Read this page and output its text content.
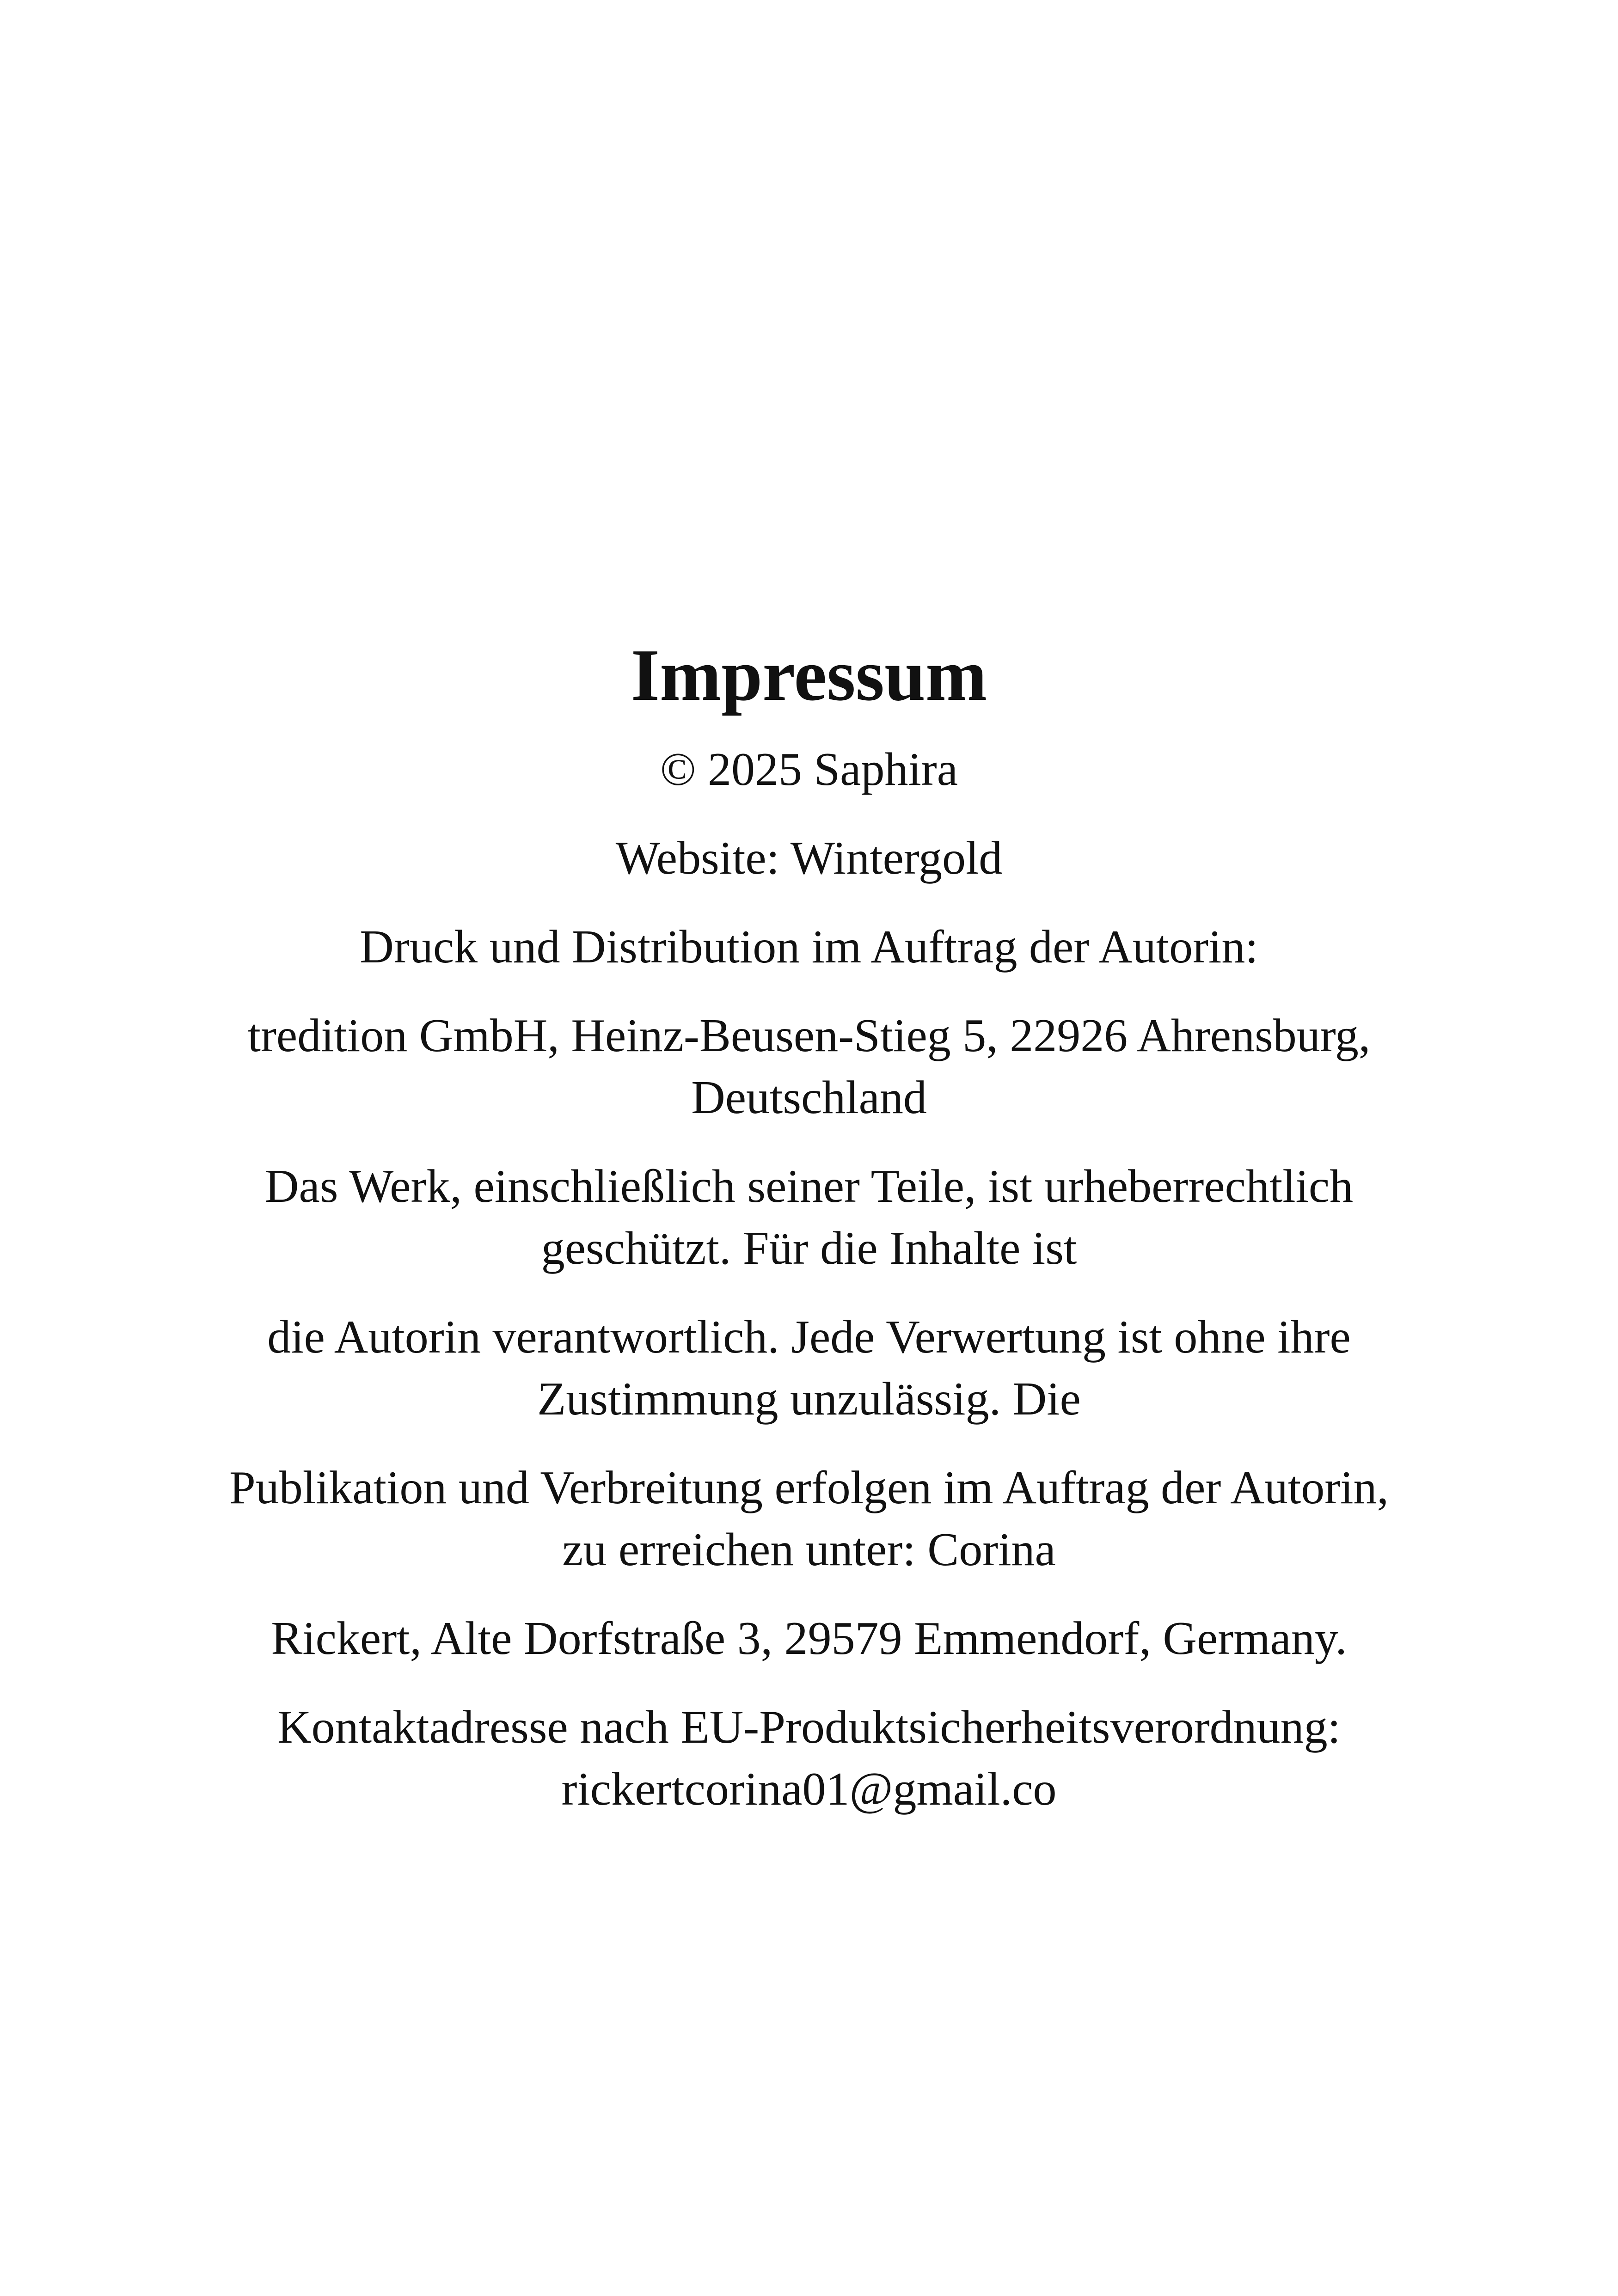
Impressum

© 2025 Saphira

Website: Wintergold

Druck und Distribution im Auftrag der Autorin:

tredition GmbH, Heinz-Beusen-Stieg 5, 22926 Ahrensburg,
Deutschland

Das Werk, einschließlich seiner Teile, ist urheberrechtlich
geschützt. Für die Inhalte ist

die Autorin verantwortlich. Jede Verwertung ist ohne ihre
Zustimmung unzulässig. Die

Publikation und Verbreitung erfolgen im Auftrag der Autorin,
zu erreichen unter: Corina

Rickert, Alte Dorfstraße 3, 29579 Emmendorf, Germany.

Kontaktadresse nach EU-Produktsicherheitsverordnung:
rickertcorina01@gmail.co
